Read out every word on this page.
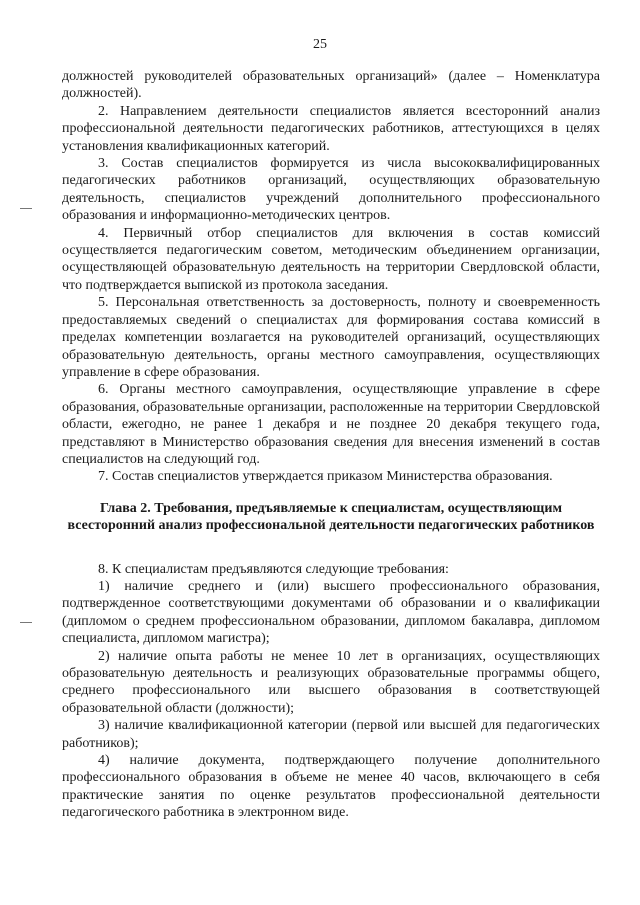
25

должностей руководителей образовательных организаций» (далее – Номенклатура должностей).

2. Направлением деятельности специалистов является всесторонний анализ профессиональной деятельности педагогических работников, аттестующихся в целях установления квалификационных категорий.

3. Состав специалистов формируется из числа высококвалифицированных педагогических работников организаций, осуществляющих образовательную деятельность, специалистов учреждений дополнительного профессионального образования и информационно-методических центров.

4. Первичный отбор специалистов для включения в состав комиссий осуществляется педагогическим советом, методическим объединением организации, осуществляющей образовательную деятельность на территории Свердловской области, что подтверждается выпиской из протокола заседания.

5. Персональная ответственность за достоверность, полноту и своевременность предоставляемых сведений о специалистах для формирования состава комиссий в пределах компетенции возлагается на руководителей организаций, осуществляющих образовательную деятельность, органы местного самоуправления, осуществляющих управление в сфере образования.

6. Органы местного самоуправления, осуществляющие управление в сфере образования, образовательные организации, расположенные на территории Свердловской области, ежегодно, не ранее 1 декабря и не позднее 20 декабря текущего года, представляют в Министерство образования сведения для внесения изменений в состав специалистов на следующий год.

7. Состав специалистов утверждается приказом Министерства образования.

Глава 2. Требования, предъявляемые к специалистам, осуществляющим всесторонний анализ профессиональной деятельности педагогических работников

8. К специалистам предъявляются следующие требования:

1) наличие среднего и (или) высшего профессионального образования, подтвержденное соответствующими документами об образовании и о квалификации (дипломом о среднем профессиональном образовании, дипломом бакалавра, дипломом специалиста, дипломом магистра);

2) наличие опыта работы не менее 10 лет в организациях, осуществляющих образовательную деятельность и реализующих образовательные программы общего, среднего профессионального или высшего образования в соответствующей образовательной области (должности);

3) наличие квалификационной категории (первой или высшей для педагогических работников);

4) наличие документа, подтверждающего получение дополнительного профессионального образования в объеме не менее 40 часов, включающего в себя практические занятия по оценке результатов профессиональной деятельности педагогического работника в электронном виде.
